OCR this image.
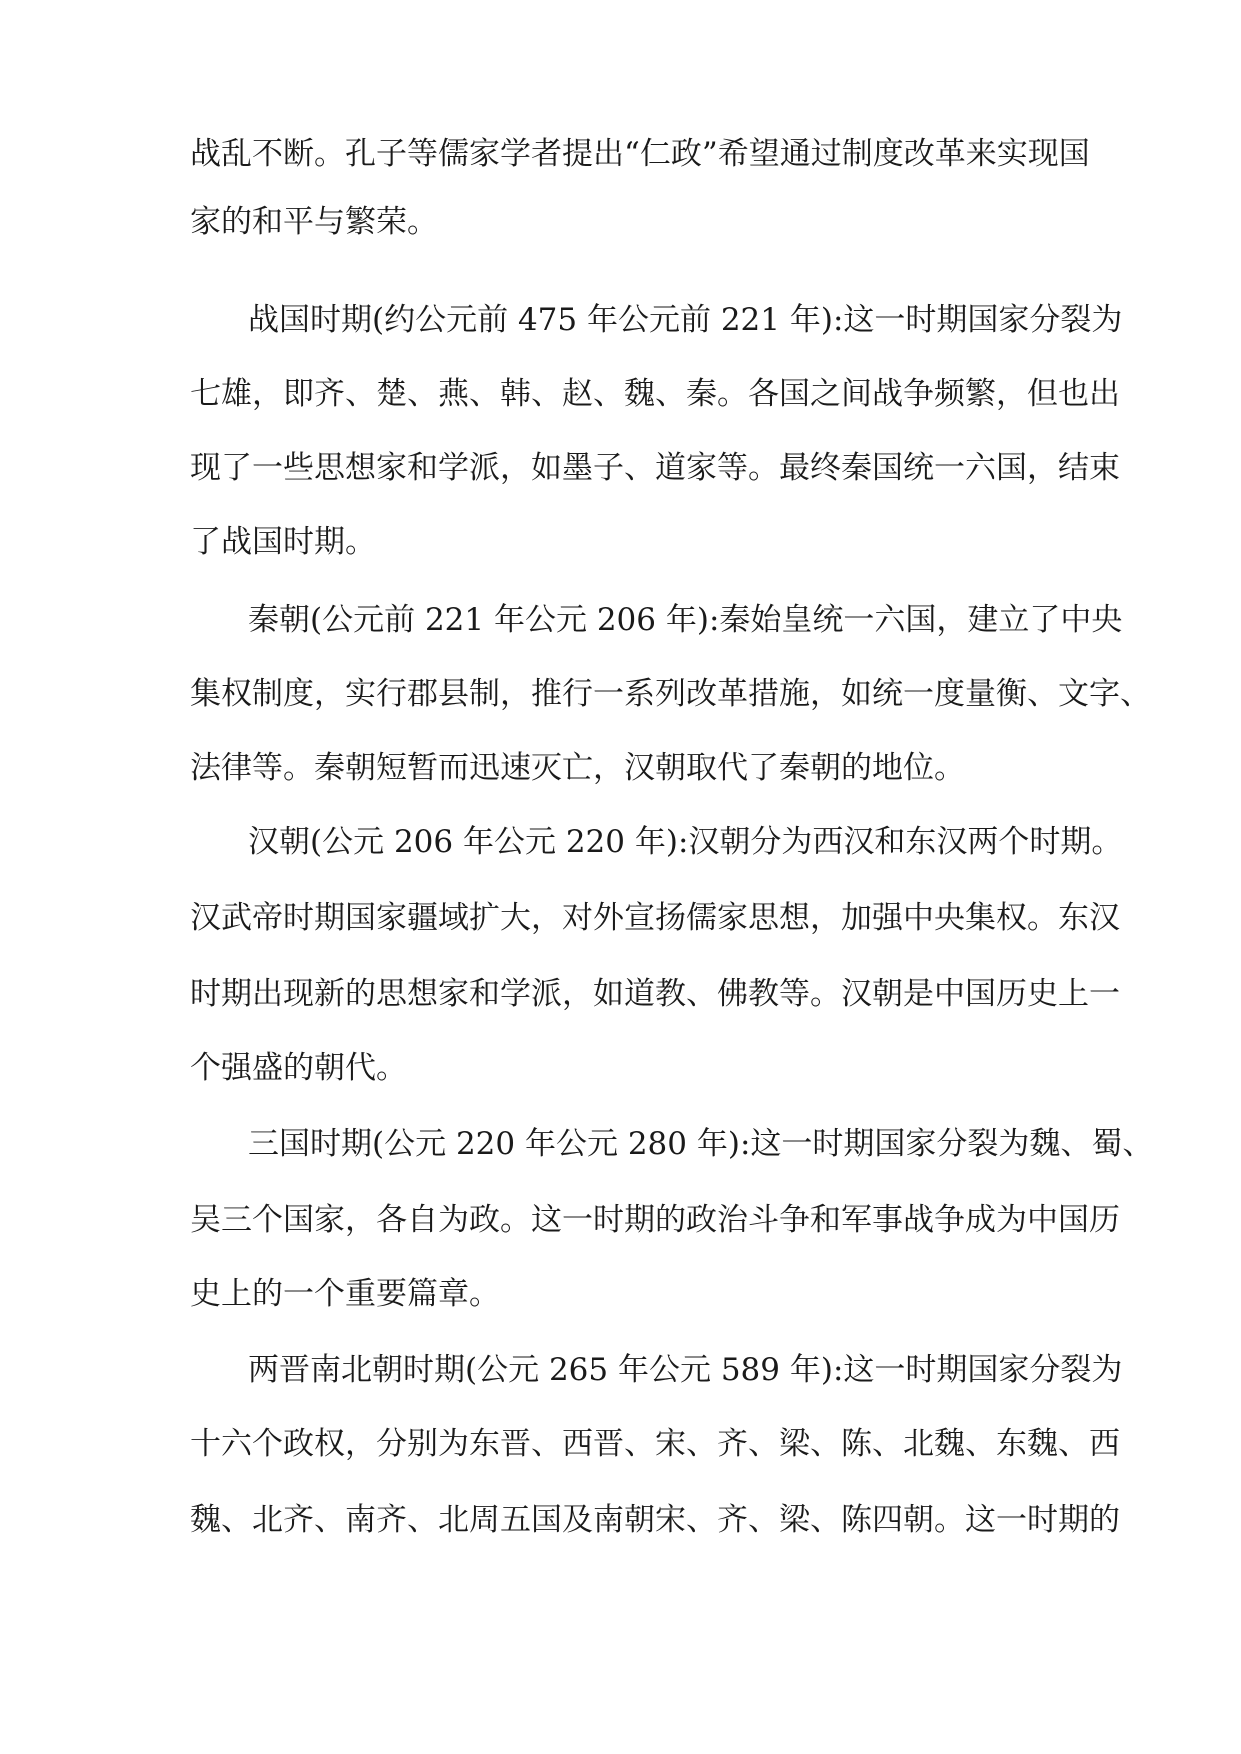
战乱不断。孔子等儒家学者提出“仁政”希望通过制度改革来实现国
家的和平与繁荣。
战国时期(约公元前 475 年公元前 221 年):这一时期国家分裂为
七雄，即齐、楚、燕、韩、赵、魏、秦。各国之间战争频繁，但也出
现了一些思想家和学派，如墨子、道家等。最终秦国统一六国，结束
了战国时期。
秦朝(公元前 221 年公元 206 年):秦始皇统一六国，建立了中央
集权制度，实行郡县制，推行一系列改革措施，如统一度量衡、文字、
法律等。秦朝短暂而迅速灭亡，汉朝取代了秦朝的地位。
汉朝(公元 206 年公元 220 年):汉朝分为西汉和东汉两个时期。
汉武帝时期国家疆域扩大，对外宣扬儒家思想，加强中央集权。东汉
时期出现新的思想家和学派，如道教、佛教等。汉朝是中国历史上一
个强盛的朝代。
三国时期(公元 220 年公元 280 年):这一时期国家分裂为魏、蜀、
吴三个国家，各自为政。这一时期的政治斗争和军事战争成为中国历
史上的一个重要篇章。
两晋南北朝时期(公元 265 年公元 589 年):这一时期国家分裂为
十六个政权，分别为东晋、西晋、宋、齐、梁、陈、北魏、东魏、西
魏、北齐、南齐、北周五国及南朝宋、齐、梁、陈四朝。这一时期的
